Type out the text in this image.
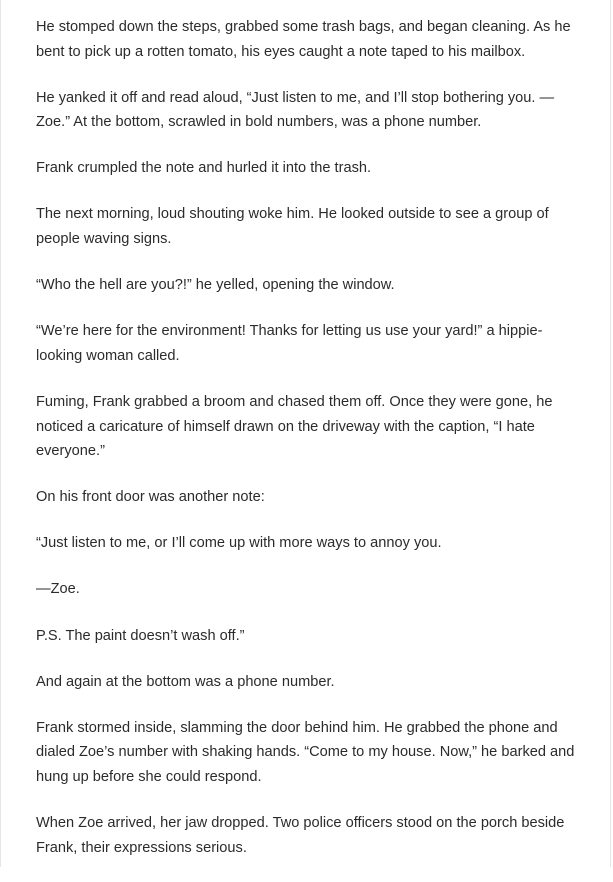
He stomped down the steps, grabbed some trash bags, and began cleaning. As he bent to pick up a rotten tomato, his eyes caught a note taped to his mailbox.

He yanked it off and read aloud, “Just listen to me, and I’ll stop bothering you. — Zoe.” At the bottom, scrawled in bold numbers, was a phone number.

Frank crumpled the note and hurled it into the trash.

The next morning, loud shouting woke him. He looked outside to see a group of people waving signs.

“Who the hell are you?!” he yelled, opening the window.

“We’re here for the environment! Thanks for letting us use your yard!” a hippie-looking woman called.

Fuming, Frank grabbed a broom and chased them off. Once they were gone, he noticed a caricature of himself drawn on the driveway with the caption, “I hate everyone.”

On his front door was another note:

“Just listen to me, or I’ll come up with more ways to annoy you.

—Zoe.

P.S. The paint doesn’t wash off.”

And again at the bottom was a phone number.

Frank stormed inside, slamming the door behind him. He grabbed the phone and dialed Zoe’s number with shaking hands. “Come to my house. Now,” he barked and hung up before she could respond.

When Zoe arrived, her jaw dropped. Two police officers stood on the porch beside Frank, their expressions serious.
